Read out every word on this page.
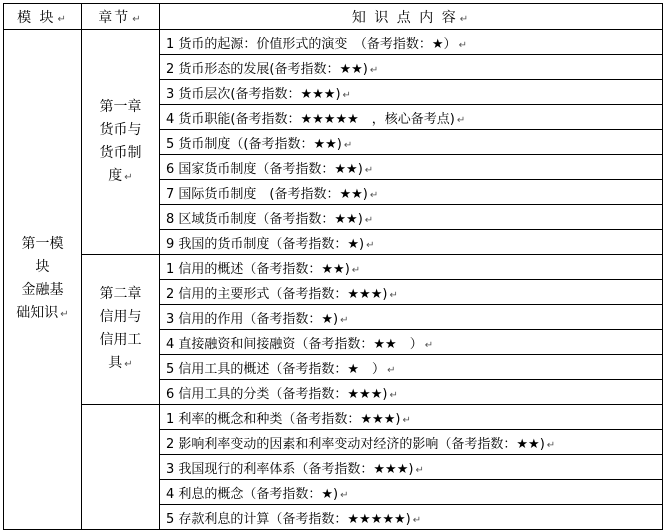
模 块 ↵	章节 ↵	知 识 点 内 容 ↵

第一模
块
金融基
础知识 ↵	第一章
货币与
货币制
度 ↵	1 货币的起源：价值形式的演变　（备考指数：★） ↵
		2 货币形态的发展(备考指数：★★) ↵
		3 货币层次(备考指数：★★★) ↵
		4 货币职能(备考指数：★★★★★　，核心备考点) ↵
		5 货币制度（(备考指数：★★) ↵
		6 国家货币制度（备考指数：★★) ↵
		7 国际货币制度　(备考指数：★★) ↵
		8 区域货币制度（备考指数：★★) ↵
		9 我国的货币制度（备考指数：★) ↵

	第二章
信用与
信用工
具 ↵	1 信用的概述（备考指数：★★) ↵
		2 信用的主要形式（备考指数：★★★) ↵
		3 信用的作用（备考指数：★) ↵
		4 直接融资和间接融资（备考指数：★★　） ↵
		5 信用工具的概述（备考指数：★　） ↵
		6 信用工具的分类（备考指数：★★★) ↵
		1 利率的概念和种类（备考指数：★★★) ↵
		2 影响利率变动的因素和利率变动对经济的影响（备考指数：★★) ↵
		3 我国现行的利率体系（备考指数：★★★) ↵
		4 利息的概念（备考指数：★) ↵
		5 存款利息的计算（备考指数：★★★★★) ↵
